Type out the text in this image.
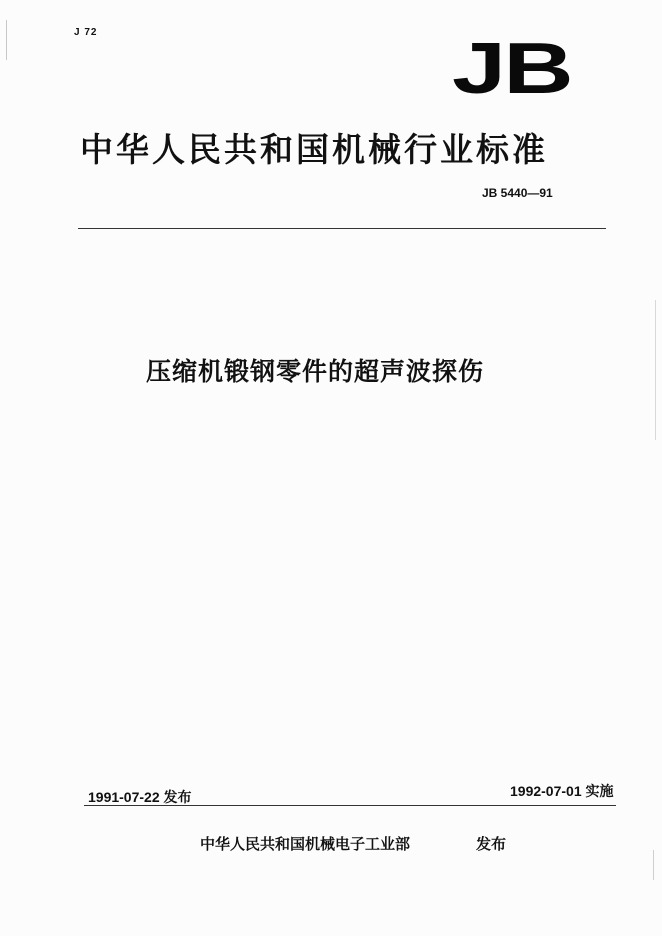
J 72	JB
中华人民共和国机械行业标准
JB 5440—91
压缩机锻钢零件的超声波探伤
1991-07-22 发布	1992-07-01 实施
中华人民共和国机械电子工业部	发布
